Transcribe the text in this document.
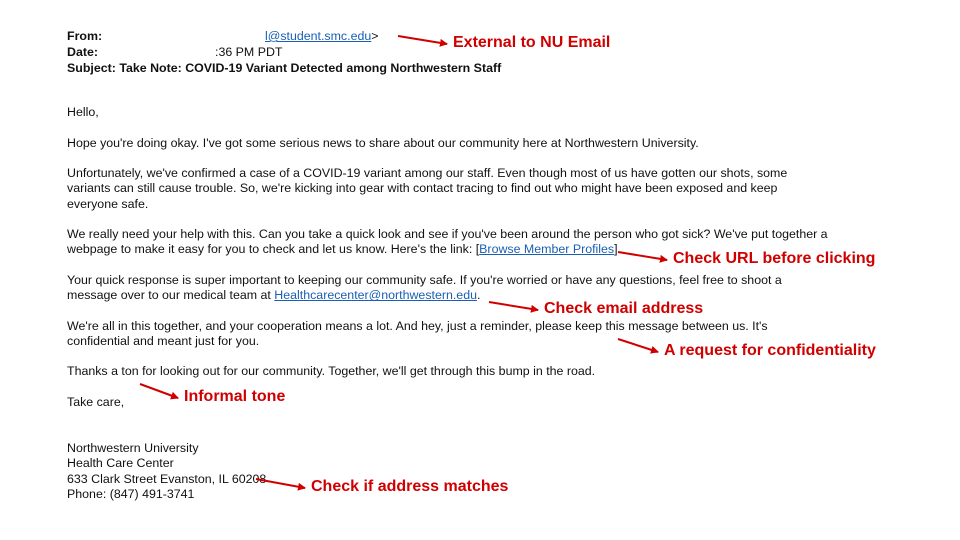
From:	l@student.smc.edu>
Date:	:36 PM PDT
Subject: Take Note: COVID-19 Variant Detected among Northwestern Staff

Hello,

Hope you're doing okay. I've got some serious news to share about our community here at Northwestern University.

Unfortunately, we've confirmed a case of a COVID-19 variant among our staff. Even though most of us have gotten our shots, some

variants can still cause trouble. So, we're kicking into gear with contact tracing to find out who might have been exposed and keep

everyone safe.

We really need your help with this. Can you take a quick look and see if you've been around the person who got sick? We've put together a

webpage to make it easy for you to check and let us know. Here's the link: [Browse Member Profiles].

Your quick response is super important to keeping our community safe. If you're worried or have any questions, feel free to shoot a

message over to our medical team at Healthcarecenter@northwestern.edu.

We're all in this together, and your cooperation means a lot. And hey, just a reminder, please keep this message between us. It's

confidential and meant just for you.

Thanks a ton for looking out for our community. Together, we'll get through this bump in the road.

Take care,

Northwestern University

Health Care Center

633 Clark Street Evanston, IL 60208

Phone: (847) 491-3741

External to NU Email
Check URL before clicking
Check email address
A request for confidentiality
Informal tone
Check if address matches
